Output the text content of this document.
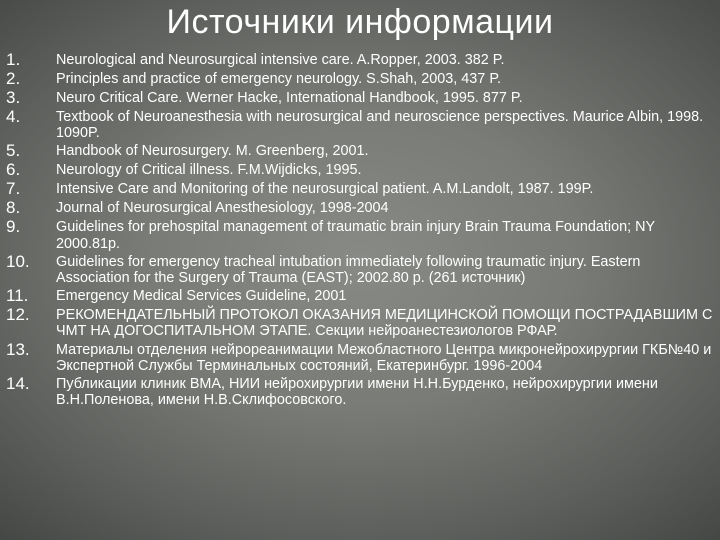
Источники информации
1.	Neurological and Neurosurgical intensive care. A.Ropper, 2003. 382 P.
2.	Principles and practice of emergency neurology. S.Shah, 2003, 437 P.
3.	Neuro Critical Care. Werner Hacke, International Handbook, 1995. 877 P.
4.	Textbook of Neuroanesthesia with neurosurgical and neuroscience perspectives. Maurice Albin, 1998. 1090P.
5.	Handbook of Neurosurgery. M. Greenberg, 2001.
6.	Neurology of Critical illness. F.M.Wijdicks, 1995.
7.	Intensive Care and Monitoring of the neurosurgical patient. A.M.Landolt, 1987. 199P.
8.	Journal of Neurosurgical Anesthesiology, 1998-2004
9.	Guidelines for prehospital management of traumatic brain injury Brain Trauma Foundation; NY 2000.81p.
10.	Guidelines for emergency tracheal intubation immediately following traumatic injury. Eastern Association for the Surgery of Trauma (EAST); 2002.80 p. (261 источник)
11.	Emergency Medical Services Guideline, 2001
12.	РЕКОМЕНДАТЕЛЬНЫЙ ПРОТОКОЛ ОКАЗАНИЯ МЕДИЦИНСКОЙ ПОМОЩИ ПОСТРАДАВШИМ С ЧМТ НА ДОГОСПИТАЛЬНОМ ЭТАПЕ. Секции нейроанестезиологов РФАР.
13.	Материалы отделения нейрореанимации Межобластного Центра микронейрохирургии ГКБ№40 и Экспертной Службы Терминальных состояний, Екатеринбург. 1996-2004
14.	Публикации клиник ВМА, НИИ нейрохирургии имени Н.Н.Бурденко, нейрохирургии имени В.Н.Поленова, имени Н.В.Склифосовского.
